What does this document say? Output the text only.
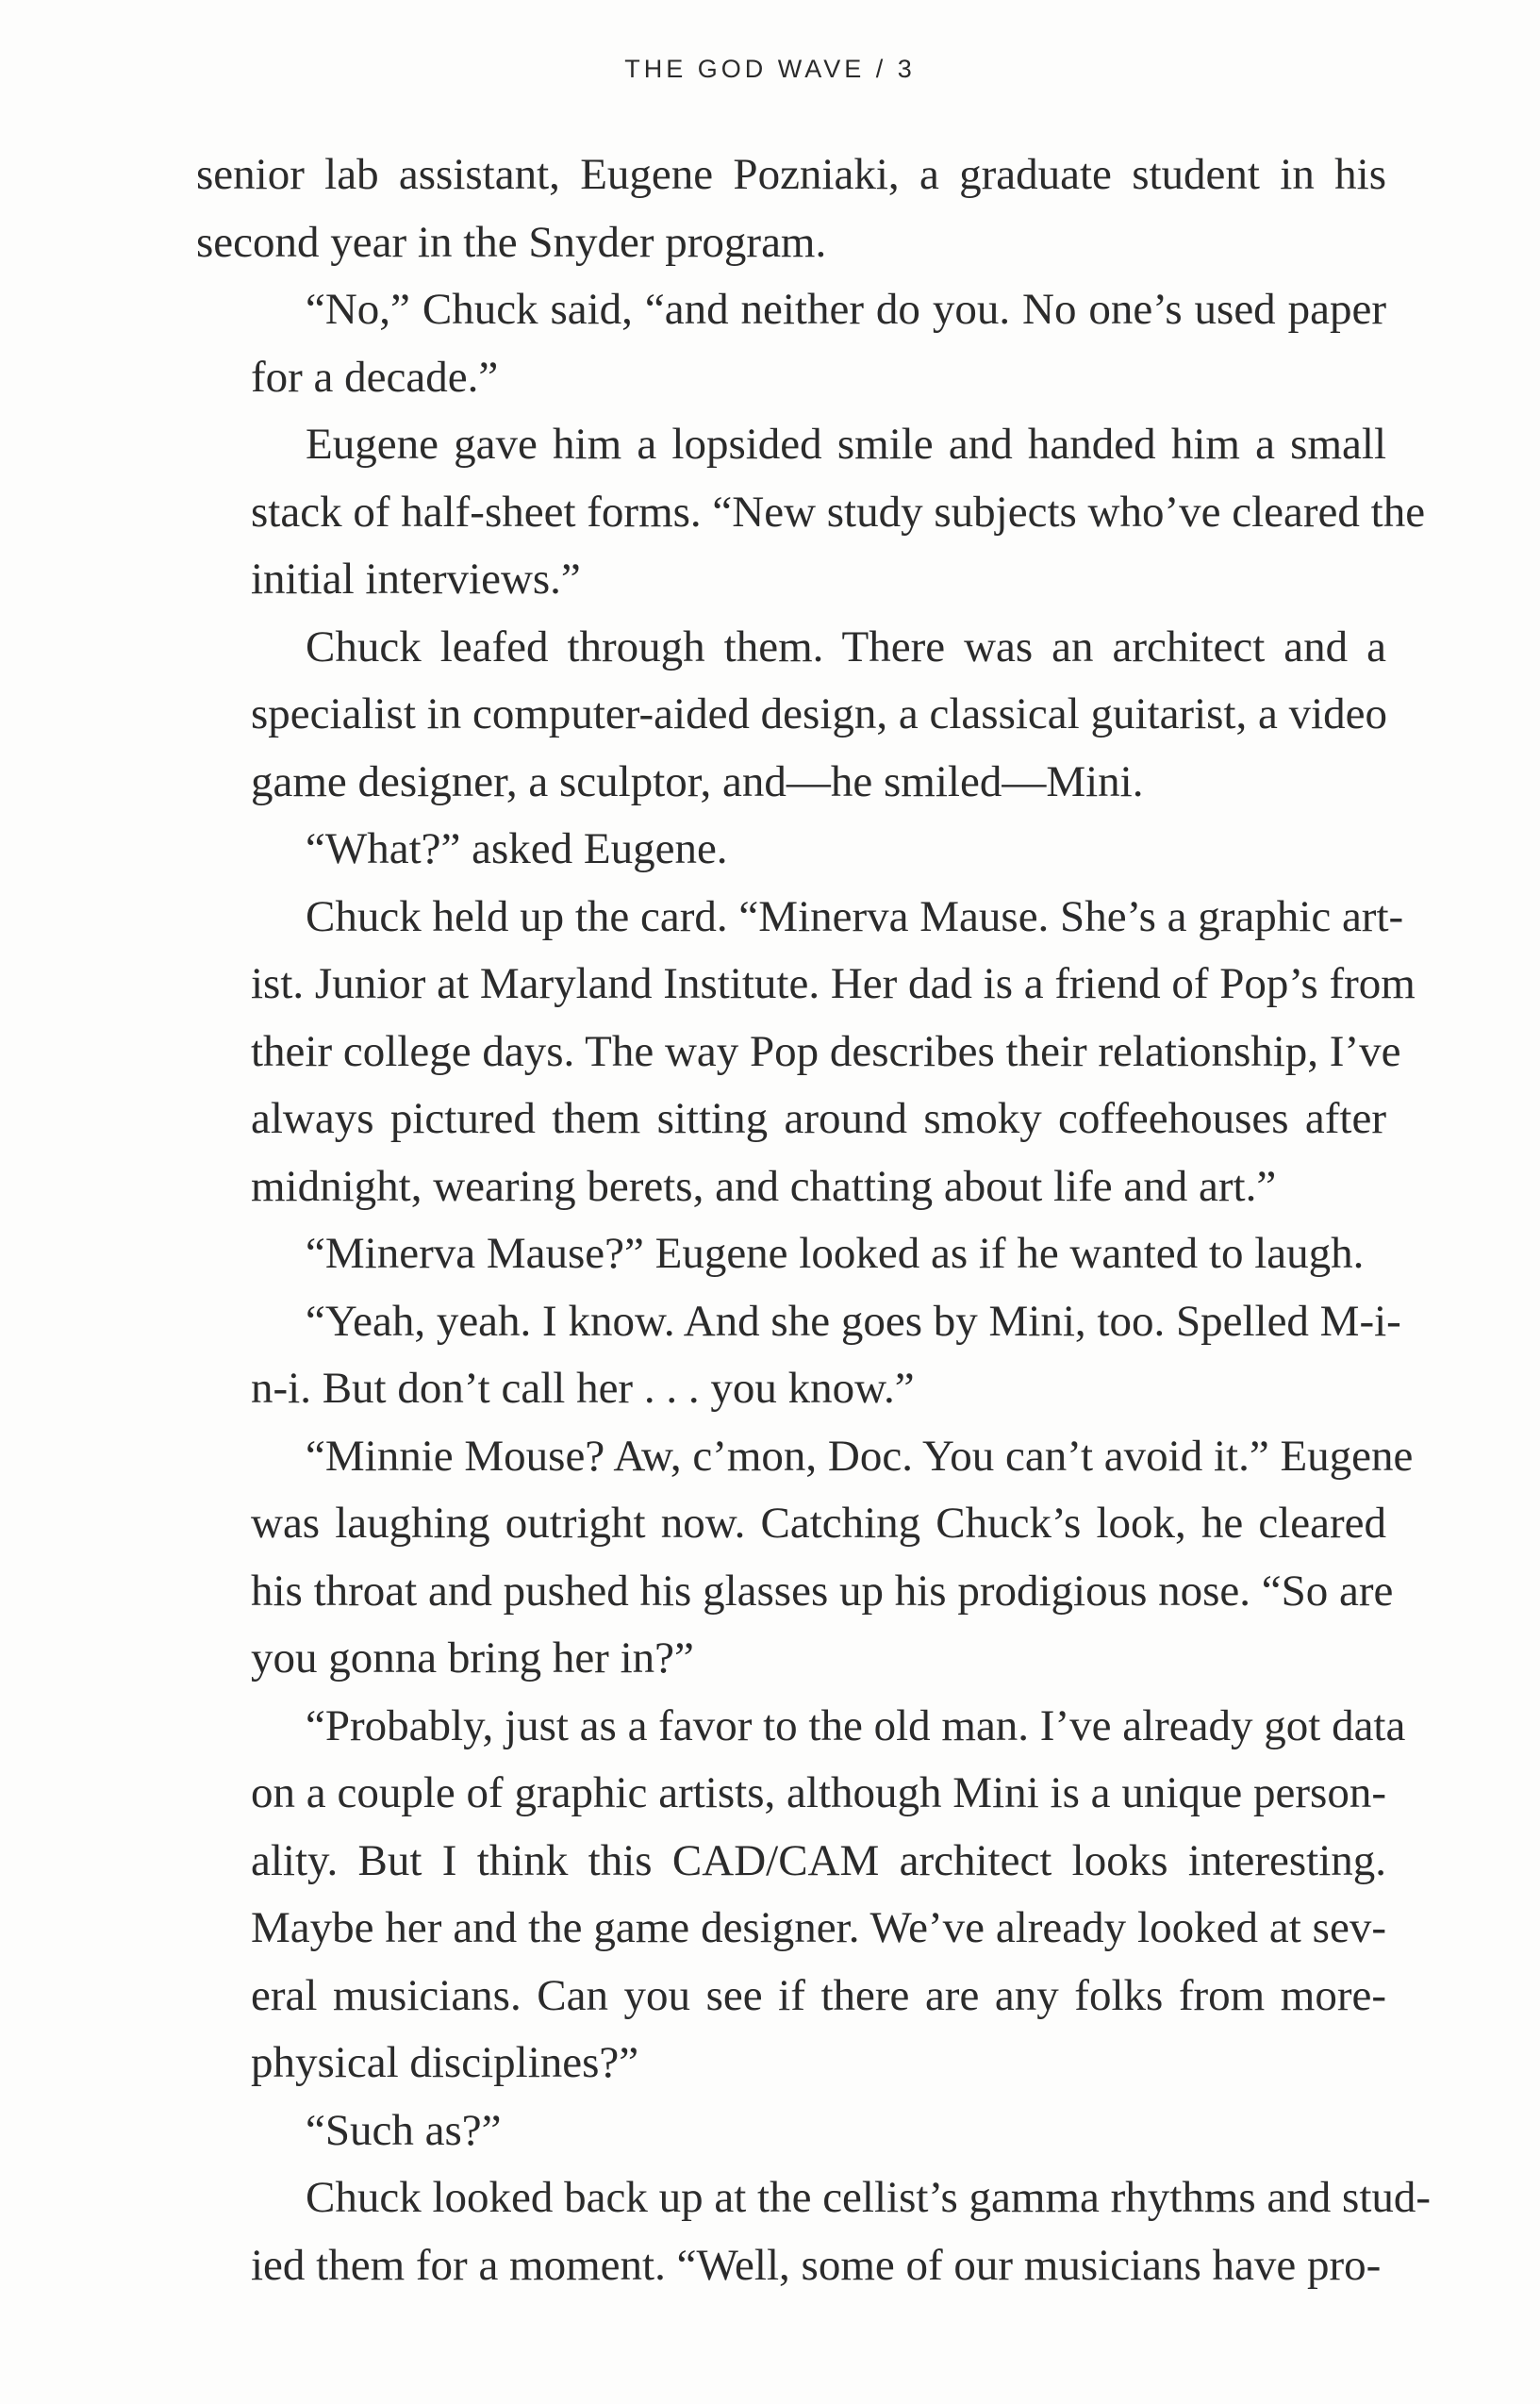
THE GOD WAVE / 3
senior lab assistant, Eugene Pozniaki, a graduate student in his
second year in the Snyder program.
“No,” Chuck said, “and neither do you. No one’s used paper
for a decade.”
Eugene gave him a lopsided smile and handed him a small
stack of half-sheet forms. “New study subjects who’ve cleared the
initial interviews.”
Chuck leafed through them. There was an architect and a
specialist in computer-aided design, a classical guitarist, a video
game designer, a sculptor, and—he smiled—Mini.
“What?” asked Eugene.
Chuck held up the card. “Minerva Mause. She’s a graphic art-
ist. Junior at Maryland Institute. Her dad is a friend of Pop’s from
their college days. The way Pop describes their relationship, I’ve
always pictured them sitting around smoky coffeehouses after
midnight, wearing berets, and chatting about life and art.”
“Minerva Mause?” Eugene looked as if he wanted to laugh.
“Yeah, yeah. I know. And she goes by Mini, too. Spelled M-i-
n-i. But don’t call her . . . you know.”
“Minnie Mouse? Aw, c’mon, Doc. You can’t avoid it.” Eugene
was laughing outright now. Catching Chuck’s look, he cleared
his throat and pushed his glasses up his prodigious nose. “So are
you gonna bring her in?”
“Probably, just as a favor to the old man. I’ve already got data
on a couple of graphic artists, although Mini is a unique person-
ality. But I think this CAD/CAM architect looks interesting.
Maybe her and the game designer. We’ve already looked at sev-
eral musicians. Can you see if there are any folks from more-
physical disciplines?”
“Such as?”
Chuck looked back up at the cellist’s gamma rhythms and stud-
ied them for a moment. “Well, some of our musicians have pro-
